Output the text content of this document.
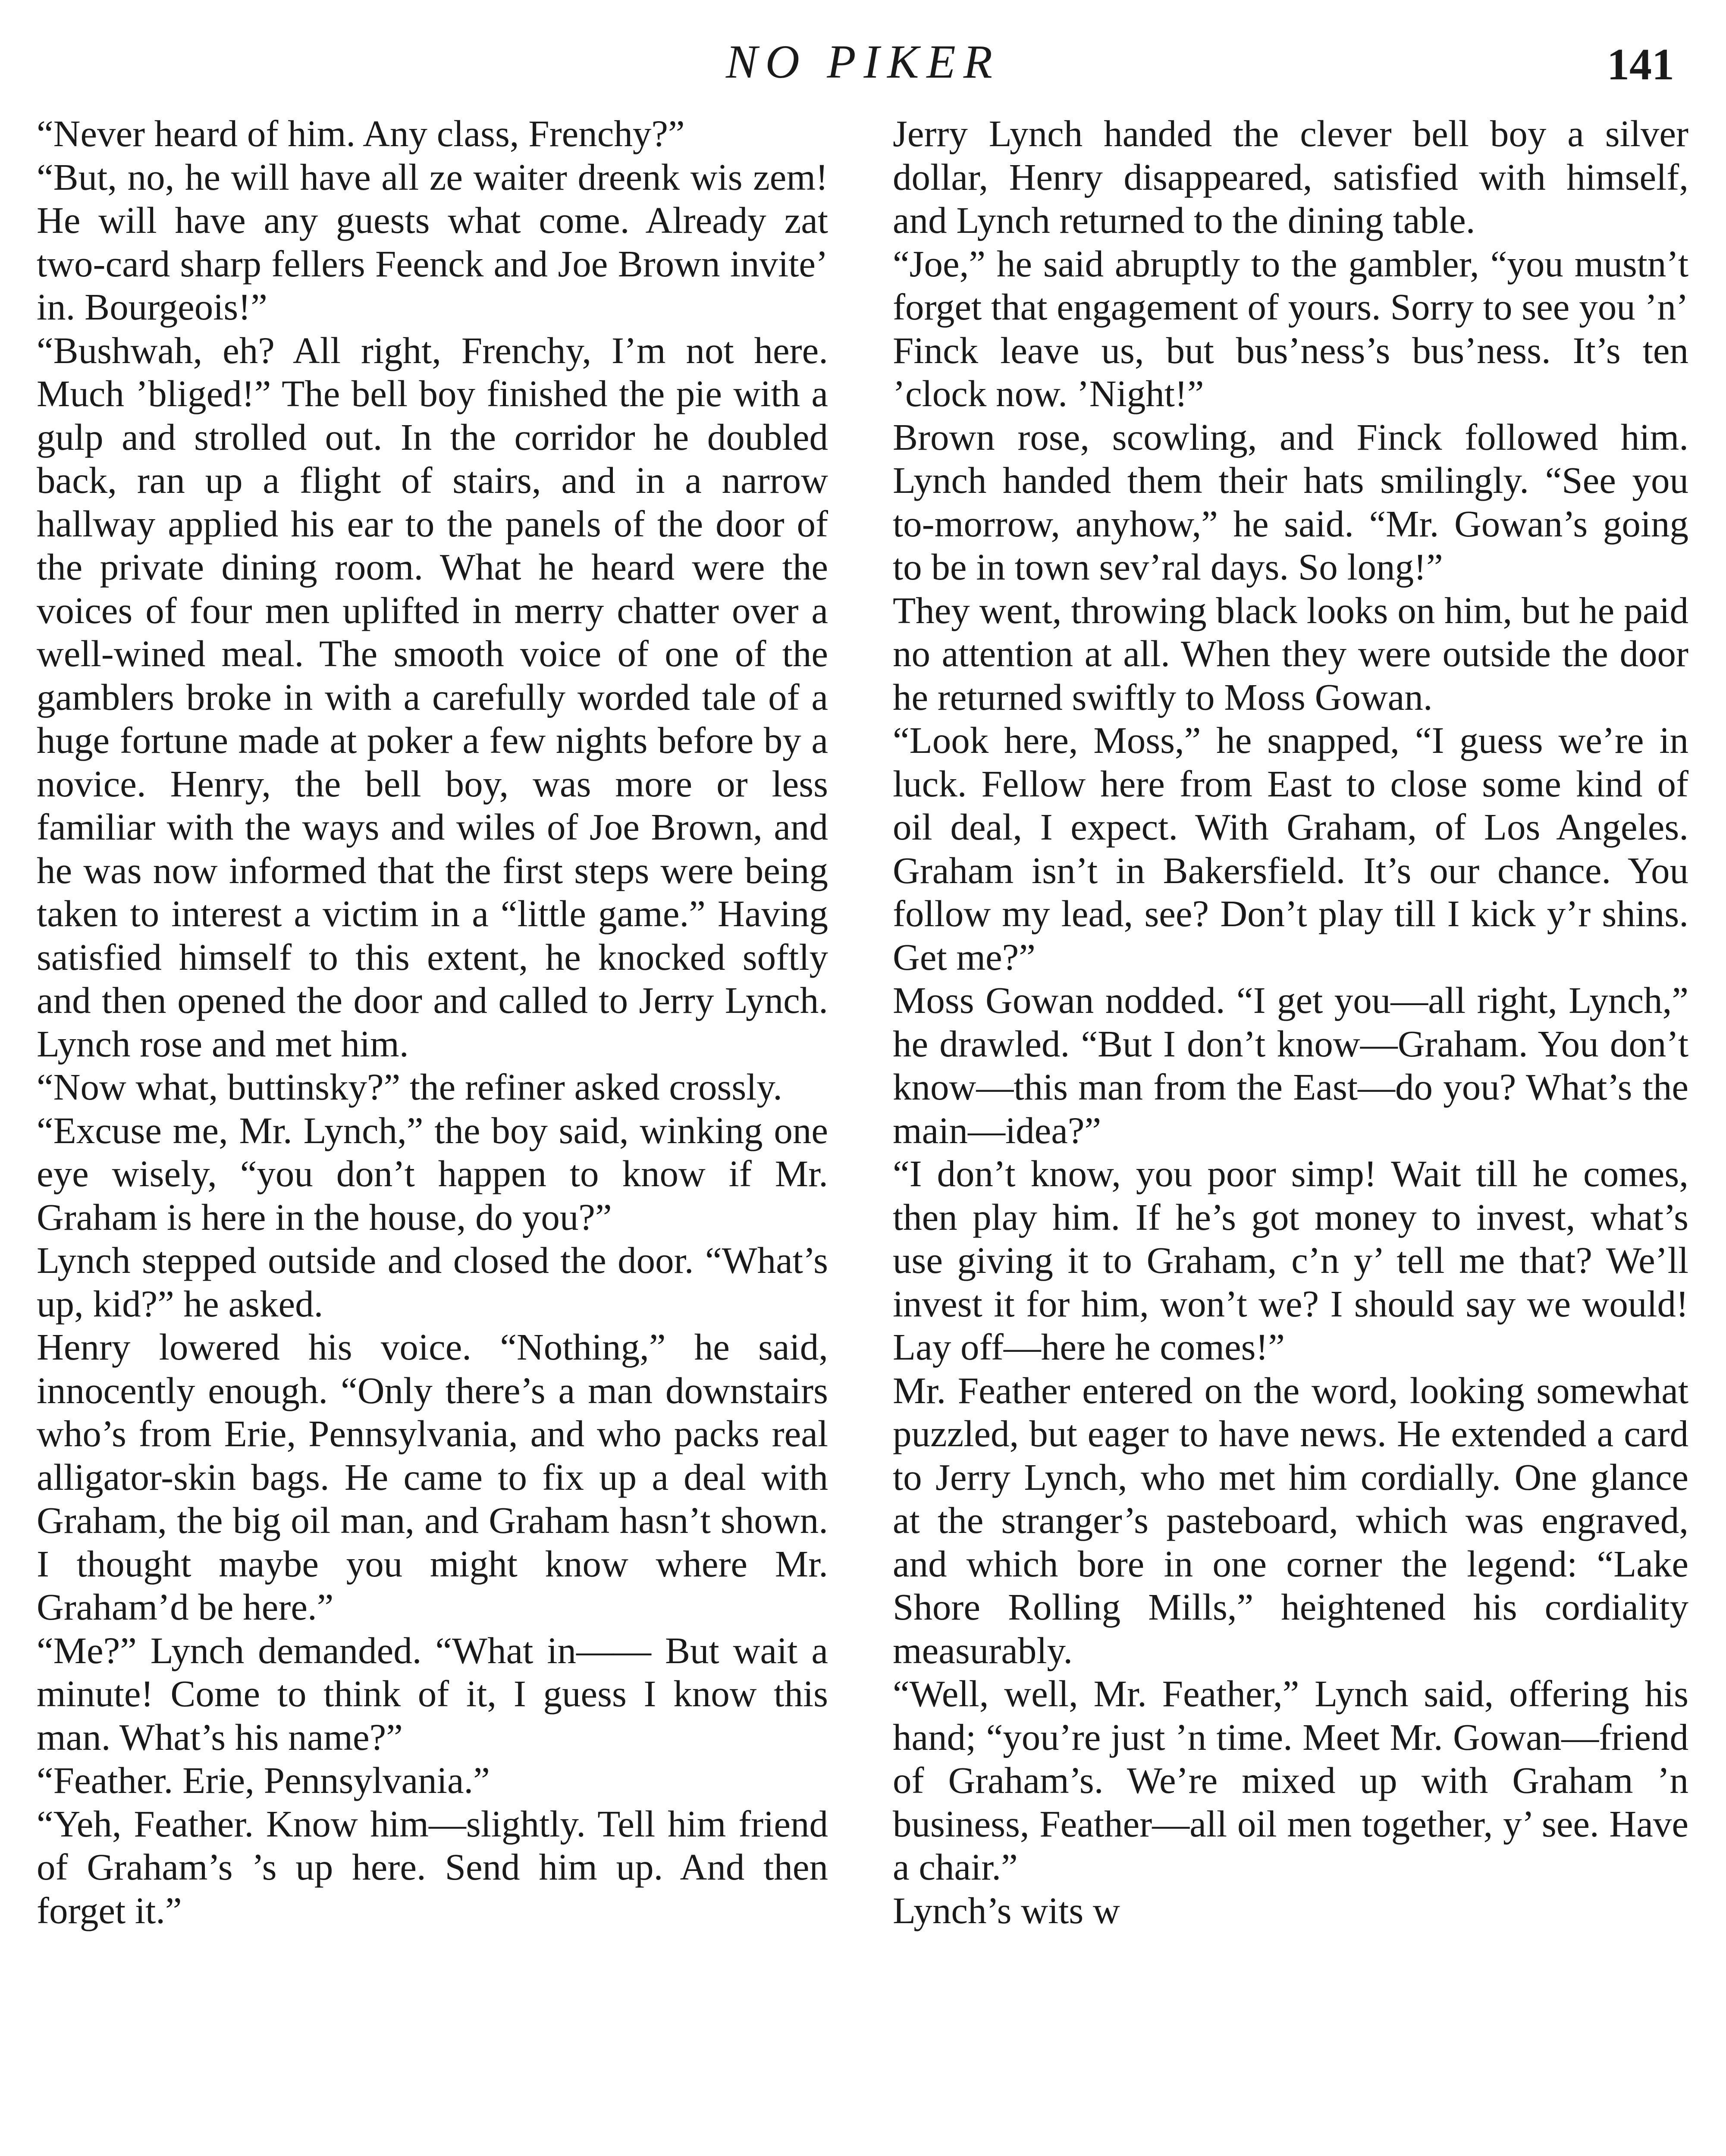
NO PIKER	141

“Never heard of him. Any class, Frenchy?”

“But, no, he will have all ze waiter dreenk wis zem! He will have any guests what come. Already zat two-card sharp fellers Feenck and Joe Brown invite’ in. Bourgeois!”

“Bushwah, eh? All right, Frenchy, I’m not here. Much ’bliged!” The bell boy finished the pie with a gulp and strolled out. In the corridor he doubled back, ran up a flight of stairs, and in a narrow hallway applied his ear to the panels of the door of the private dining room. What he heard were the voices of four men uplifted in merry chatter over a well-wined meal. The smooth voice of one of the gamblers broke in with a carefully worded tale of a huge fortune made at poker a few nights before by a novice. Henry, the bell boy, was more or less familiar with the ways and wiles of Joe Brown, and he was now informed that the first steps were being taken to interest a victim in a “little game.” Having satisfied himself to this extent, he knocked softly and then opened the door and called to Jerry Lynch. Lynch rose and met him.

“Now what, buttinsky?” the refiner asked crossly.

“Excuse me, Mr. Lynch,” the boy said, winking one eye wisely, “you don’t happen to know if Mr. Graham is here in the house, do you?”

Lynch stepped outside and closed the door. “What’s up, kid?” he asked.

Henry lowered his voice. “Nothing,” he said, innocently enough. “Only there’s a man downstairs who’s from Erie, Pennsylvania, and who packs real alligator-skin bags. He came to fix up a deal with Graham, the big oil man, and Graham hasn’t shown. I thought maybe you might know where Mr. Graham’d be here.”

“Me?” Lynch demanded. “What in—— But wait a minute! Come to think of it, I guess I know this man. What’s his name?”

“Feather. Erie, Pennsylvania.”

“Yeh, Feather. Know him—slightly. Tell him friend of Graham’s ’s up here. Send him up. And then forget it.”

Jerry Lynch handed the clever bell boy a silver dollar, Henry disappeared, satisfied with himself, and Lynch returned to the dining table.

“Joe,” he said abruptly to the gambler, “you mustn’t forget that engagement of yours. Sorry to see you ’n’ Finck leave us, but bus’ness’s bus’ness. It’s ten ’clock now. ’Night!”

Brown rose, scowling, and Finck followed him. Lynch handed them their hats smilingly. “See you to-morrow, anyhow,” he said. “Mr. Gowan’s going to be in town sev’ral days. So long!”

They went, throwing black looks on him, but he paid no attention at all. When they were outside the door he returned swiftly to Moss Gowan.

“Look here, Moss,” he snapped, “I guess we’re in luck. Fellow here from East to close some kind of oil deal, I expect. With Graham, of Los Angeles. Graham isn’t in Bakersfield. It’s our chance. You follow my lead, see? Don’t play till I kick y’r shins. Get me?”

Moss Gowan nodded. “I get you—all right, Lynch,” he drawled. “But I don’t know—Graham. You don’t know—this man from the East—do you? What’s the main—idea?”

“I don’t know, you poor simp! Wait till he comes, then play him. If he’s got money to invest, what’s use giving it to Graham, c’n y’ tell me that? We’ll invest it for him, won’t we? I should say we would! Lay off—here he comes!”

Mr. Feather entered on the word, looking somewhat puzzled, but eager to have news. He extended a card to Jerry Lynch, who met him cordially. One glance at the stranger’s pasteboard, which was engraved, and which bore in one corner the legend: “Lake Shore Rolling Mills,” heightened his cordiality measurably.

“Well, well, Mr. Feather,” Lynch said, offering his hand; “you’re just ’n time. Meet Mr. Gowan—friend of Graham’s. We’re mixed up with Graham ’n business, Feather—all oil men together, y’ see. Have a chair.”

Lynch’s wits w
